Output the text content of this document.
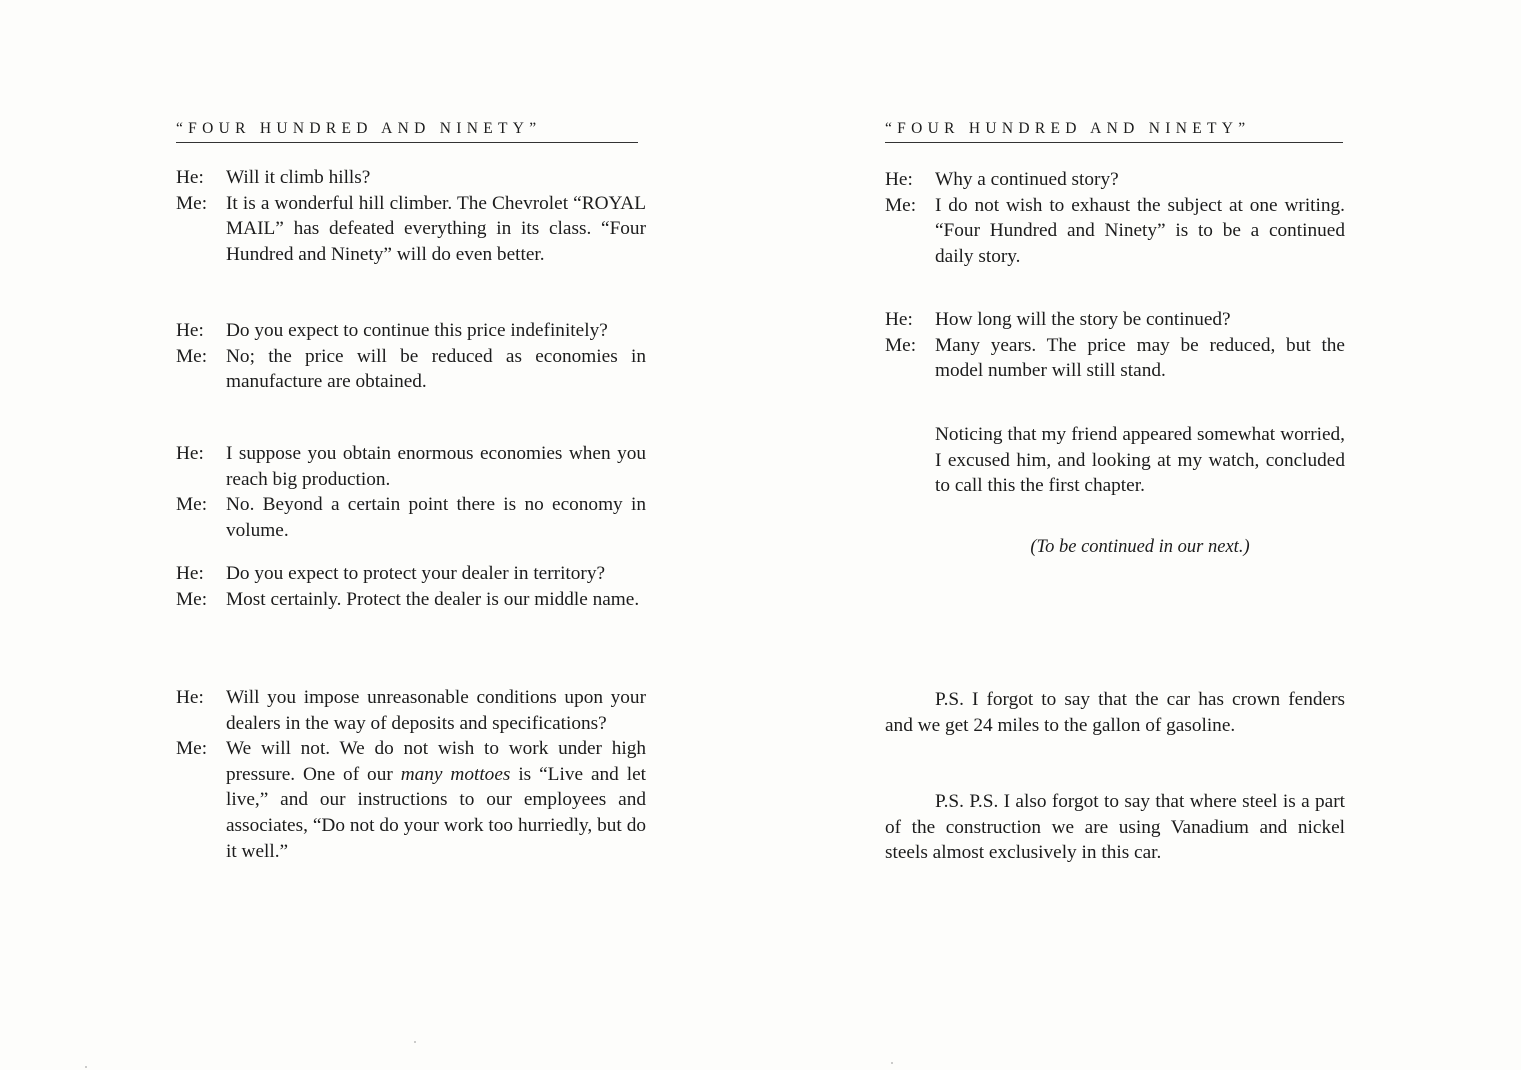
“FOUR HUNDRED AND NINETY”
He:	Will it climb hills?
Me: It is a wonderful hill climber. The Chevrolet “ROYAL MAIL” has defeated everything in its class. “Four Hundred and Ninety” will do even better.
He:	Do you expect to continue this price indefinitely?
Me: No; the price will be reduced as economies in manufacture are obtained.
He:	I suppose you obtain enormous economies when you reach big production.
Me: No. Beyond a certain point there is no economy in volume.
He:	Do you expect to protect your dealer in territory?
Me: Most certainly. Protect the dealer is our middle name.
He:	Will you impose unreasonable conditions upon your dealers in the way of deposits and specifications?
Me: We will not. We do not wish to work under high pressure. One of our many mottoes is “Live and let live,” and our instructions to our employees and associates, “Do not do your work too hurriedly, but do it well.”
“FOUR HUNDRED AND NINETY”
He:	Why a continued story?
Me: I do not wish to exhaust the subject at one writing. “Four Hundred and Ninety” is to be a continued daily story.
He:	How long will the story be continued?
Me: Many years. The price may be reduced, but the model number will still stand.
Noticing that my friend appeared somewhat worried, I excused him, and looking at my watch, concluded to call this the first chapter.
(To be continued in our next.)
P.S. I forgot to say that the car has crown fenders and we get 24 miles to the gallon of gasoline.
P.S. P.S. I also forgot to say that where steel is a part of the construction we are using Vanadium and nickel steels almost exclusively in this car.
